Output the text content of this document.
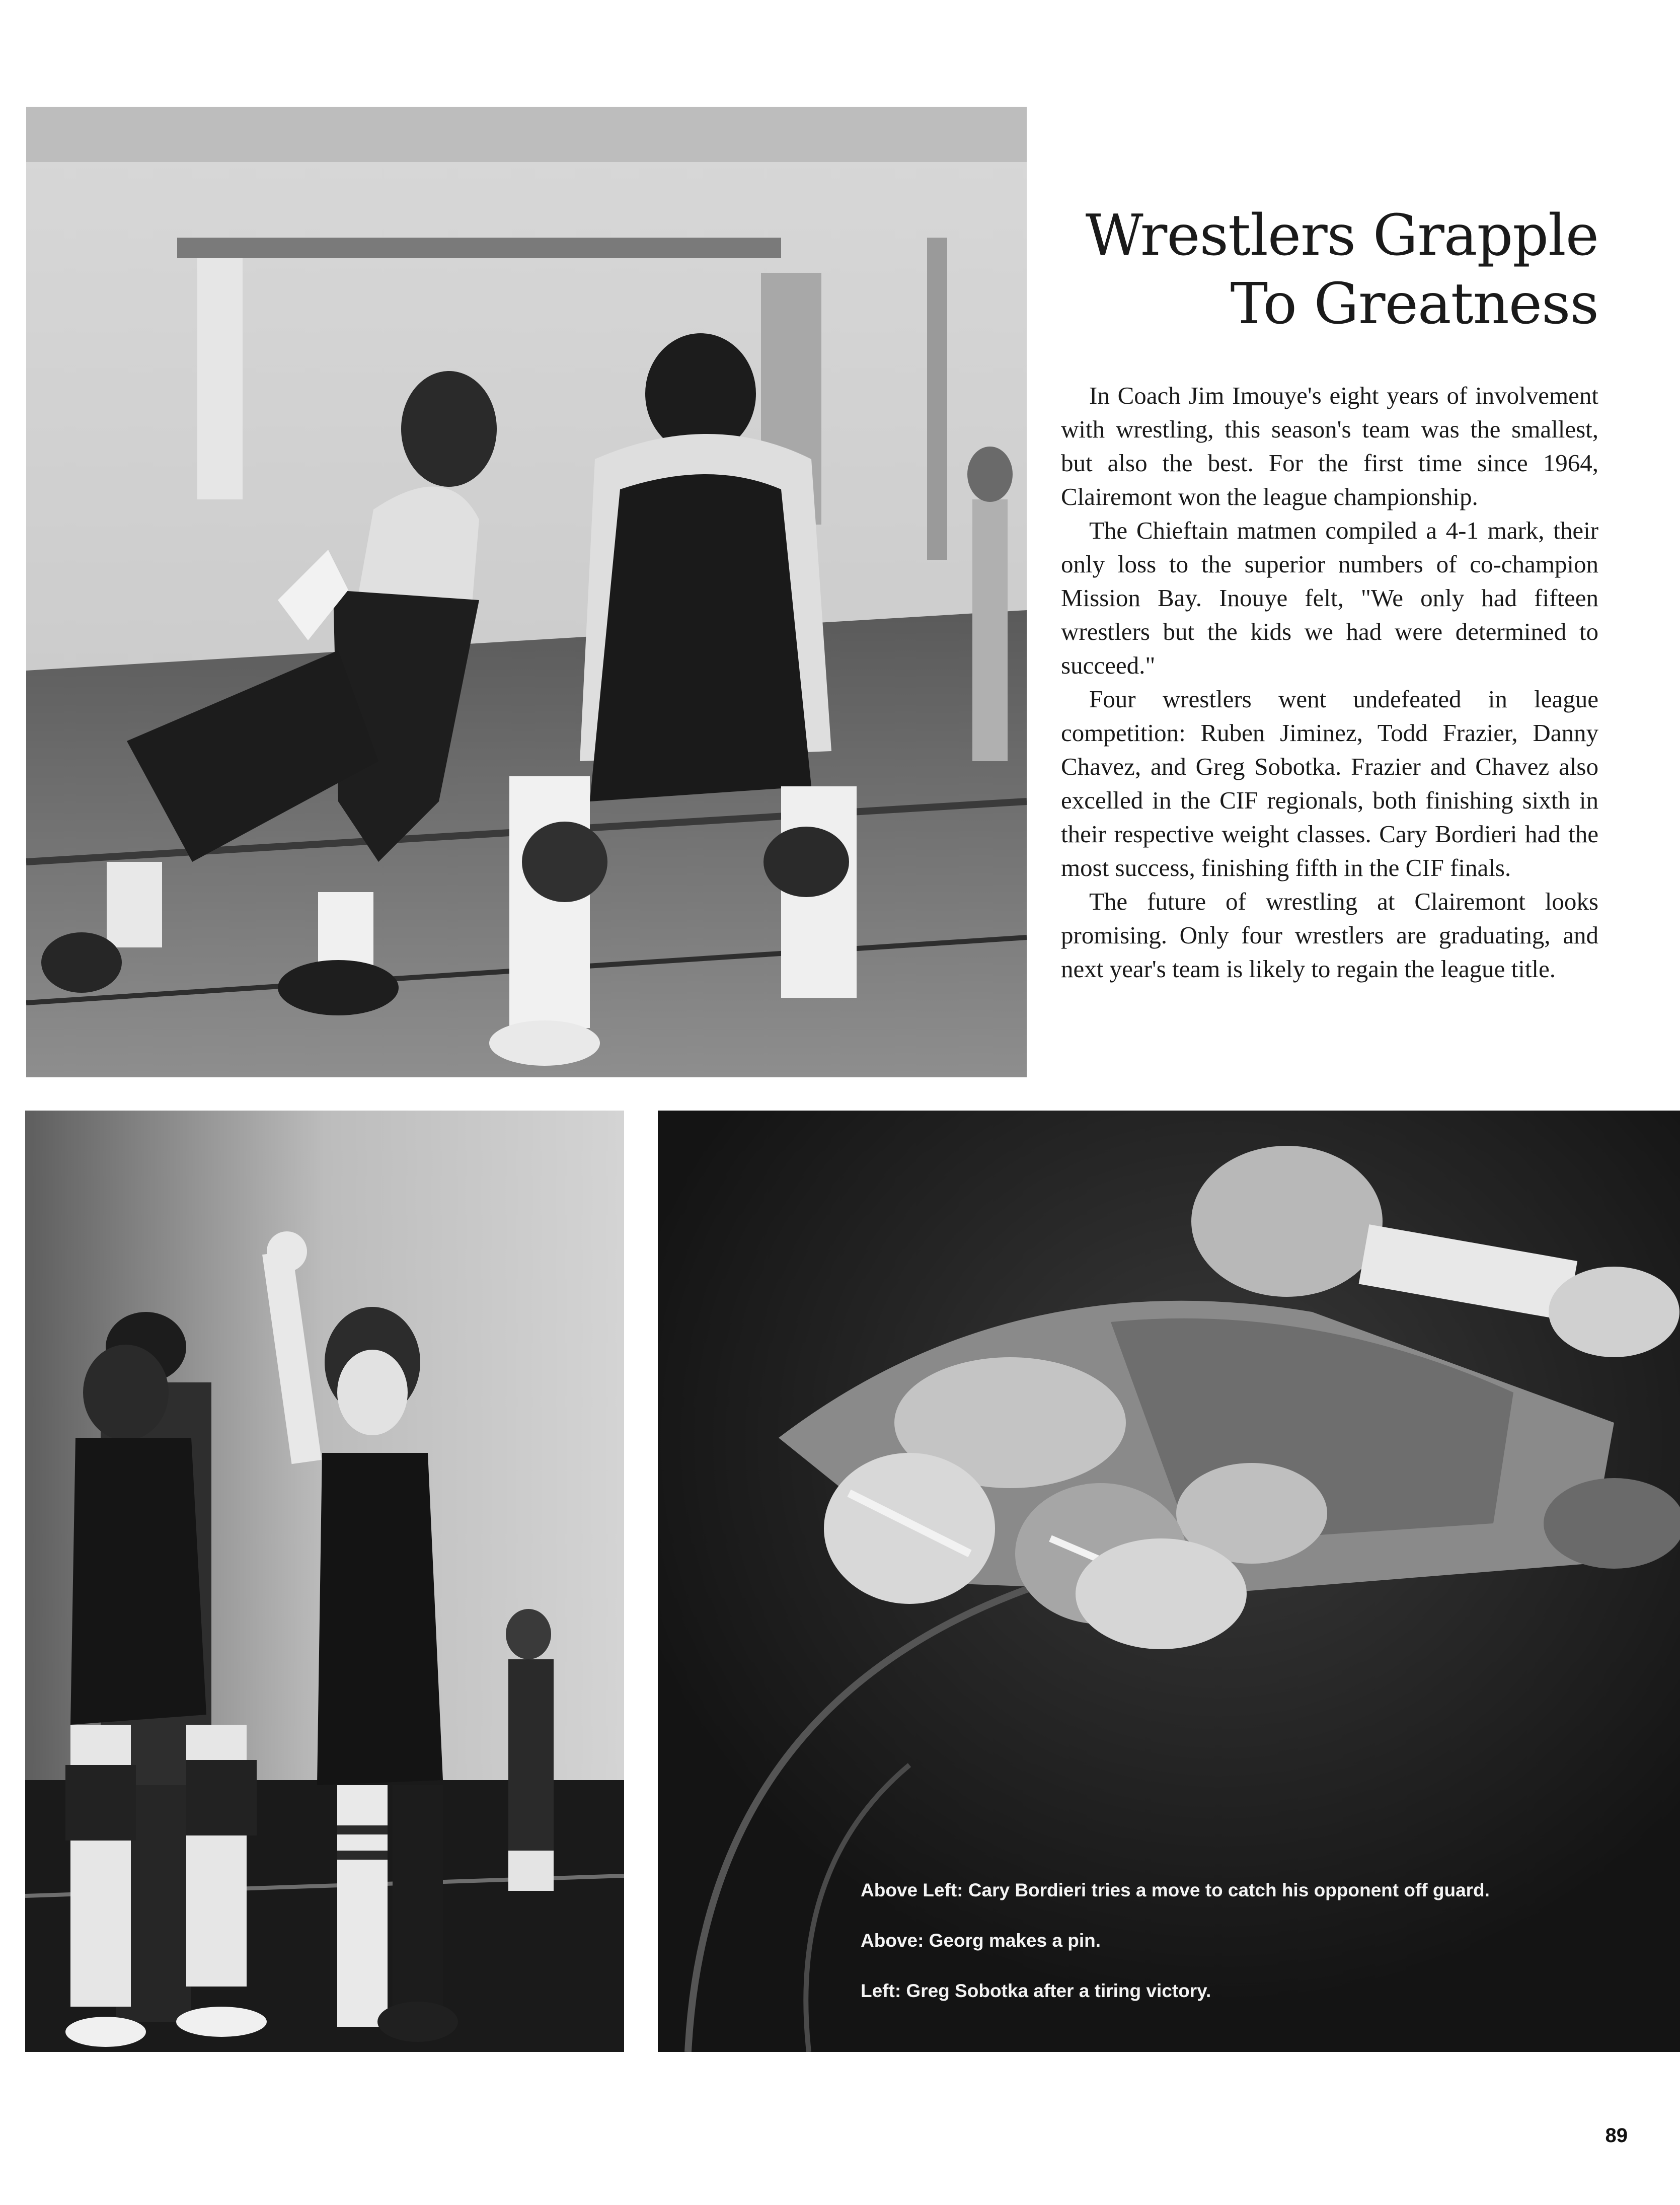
Wrestlers Grapple
To Greatness

In Coach Jim Imouye's eight years of involvement with wrestling, this season's team was the smallest, but also the best. For the first time since 1964, Clairemont won the league championship.

The Chieftain matmen compiled a 4-1 mark, their only loss to the superior numbers of co-champion Mission Bay. Inouye felt, "We only had fifteen wrestlers but the kids we had were determined to succeed."

Four wrestlers went undefeated in league competition: Ruben Jiminez, Todd Frazier, Danny Chavez, and Greg Sobotka. Frazier and Chavez also excelled in the CIF regionals, both finishing sixth in their respective weight classes. Cary Bordieri had the most success, finishing fifth in the CIF finals.

The future of wrestling at Clairemont looks promising. Only four wrestlers are graduating, and next year's team is likely to regain the league title.

Above Left: Cary Bordieri tries a move to catch his opponent off guard.
Above: Georg makes a pin.
Left: Greg Sobotka after a tiring victory.
89
